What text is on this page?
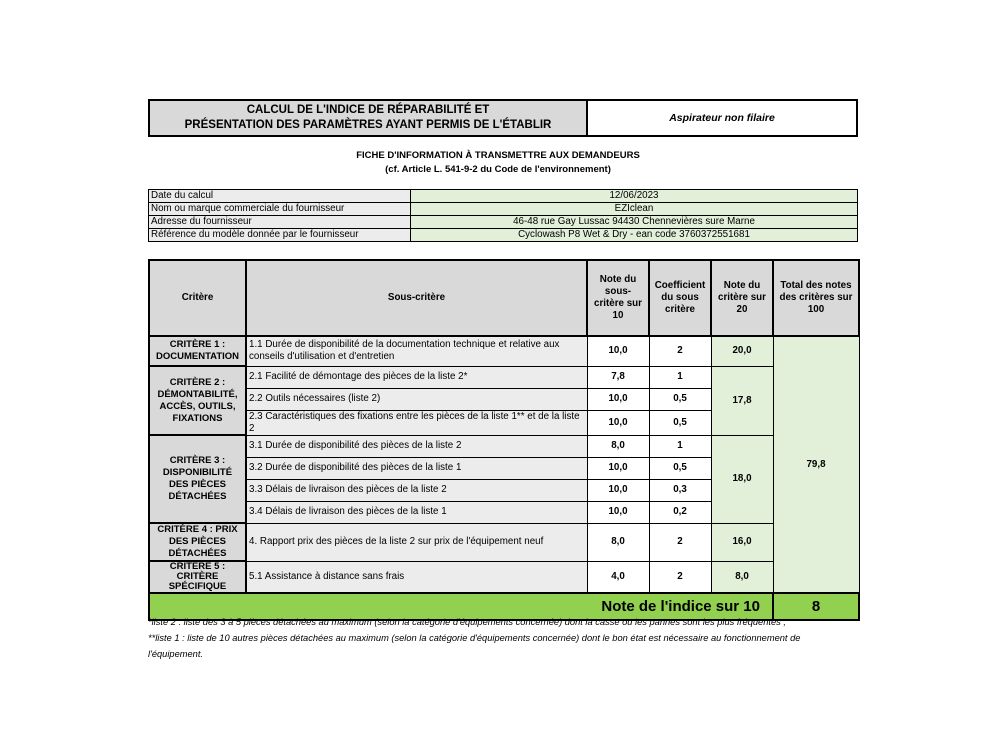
CALCUL DE L'INDICE DE RÉPARABILITÉ ET
PRÉSENTATION DES PARAMÈTRES AYANT PERMIS DE L'ÉTABLIR
Aspirateur non filaire
FICHE D'INFORMATION À TRANSMETTRE AUX DEMANDEURS
(cf. Article L. 541-9-2 du Code de l'environnement)
Date du calcul	12/06/2023
Nom ou marque commerciale du fournisseur	EZIclean
Adresse du fournisseur	46-48 rue Gay Lussac 94430 Chennevières sure Marne
Référence du modèle donnée par le fournisseur	Cyclowash P8 Wet & Dry - ean code 3760372551681
Critère	Sous-critère	Note du sous-critère sur 10	Coefficient du sous critère	Note du critère sur 20	Total des notes des critères sur 100
CRITÈRE 1 : DOCUMENTATION	1.1 Durée de disponibilité de la documentation technique et relative aux conseils d'utilisation et d'entretien	10,0	2	20,0	79,8
CRITÈRE 2 : DÉMONTABILITÉ, ACCÈS, OUTILS, FIXATIONS	2.1 Facilité de démontage des pièces de la liste 2*	7,8	1	17,8	
	2.2 Outils nécessaires (liste 2)	10,0	0,5		
	2.3 Caractéristiques des fixations entre les pièces de la liste 1** et de la liste 2	10,0	0,5		
CRITÈRE 3 : DISPONIBILITÉ DES PIÈCES DÉTACHÉES	3.1 Durée de disponibilité des pièces de la liste 2	8,0	1	18,0	
	3.2 Durée de disponibilité des pièces de la liste 1	10,0	0,5		
	3.3 Délais de livraison des pièces de la liste 2	10,0	0,3		
	3.4 Délais de livraison des pièces de la liste 1	10,0	0,2		
CRITÈRE 4 : PRIX DES PIÈCES DÉTACHÉES	4. Rapport prix des pièces de la liste 2 sur prix de l'équipement neuf	8,0	2	16,0	
CRITÈRE 5 : CRITÈRE SPÉCIFIQUE	5.1 Assistance à distance sans frais	4,0	2	8,0	
Note de l'indice sur 10					8
*liste 2 : liste des 3 à 5 pièces détachées au maximum (selon la catégorie d'équipements concernée) dont la casse ou les pannes sont les plus fréquentes ;
**liste 1 : liste de 10 autres pièces détachées au maximum (selon la catégorie d'équipements concernée) dont le bon état est nécessaire au fonctionnement de l'équipement.
